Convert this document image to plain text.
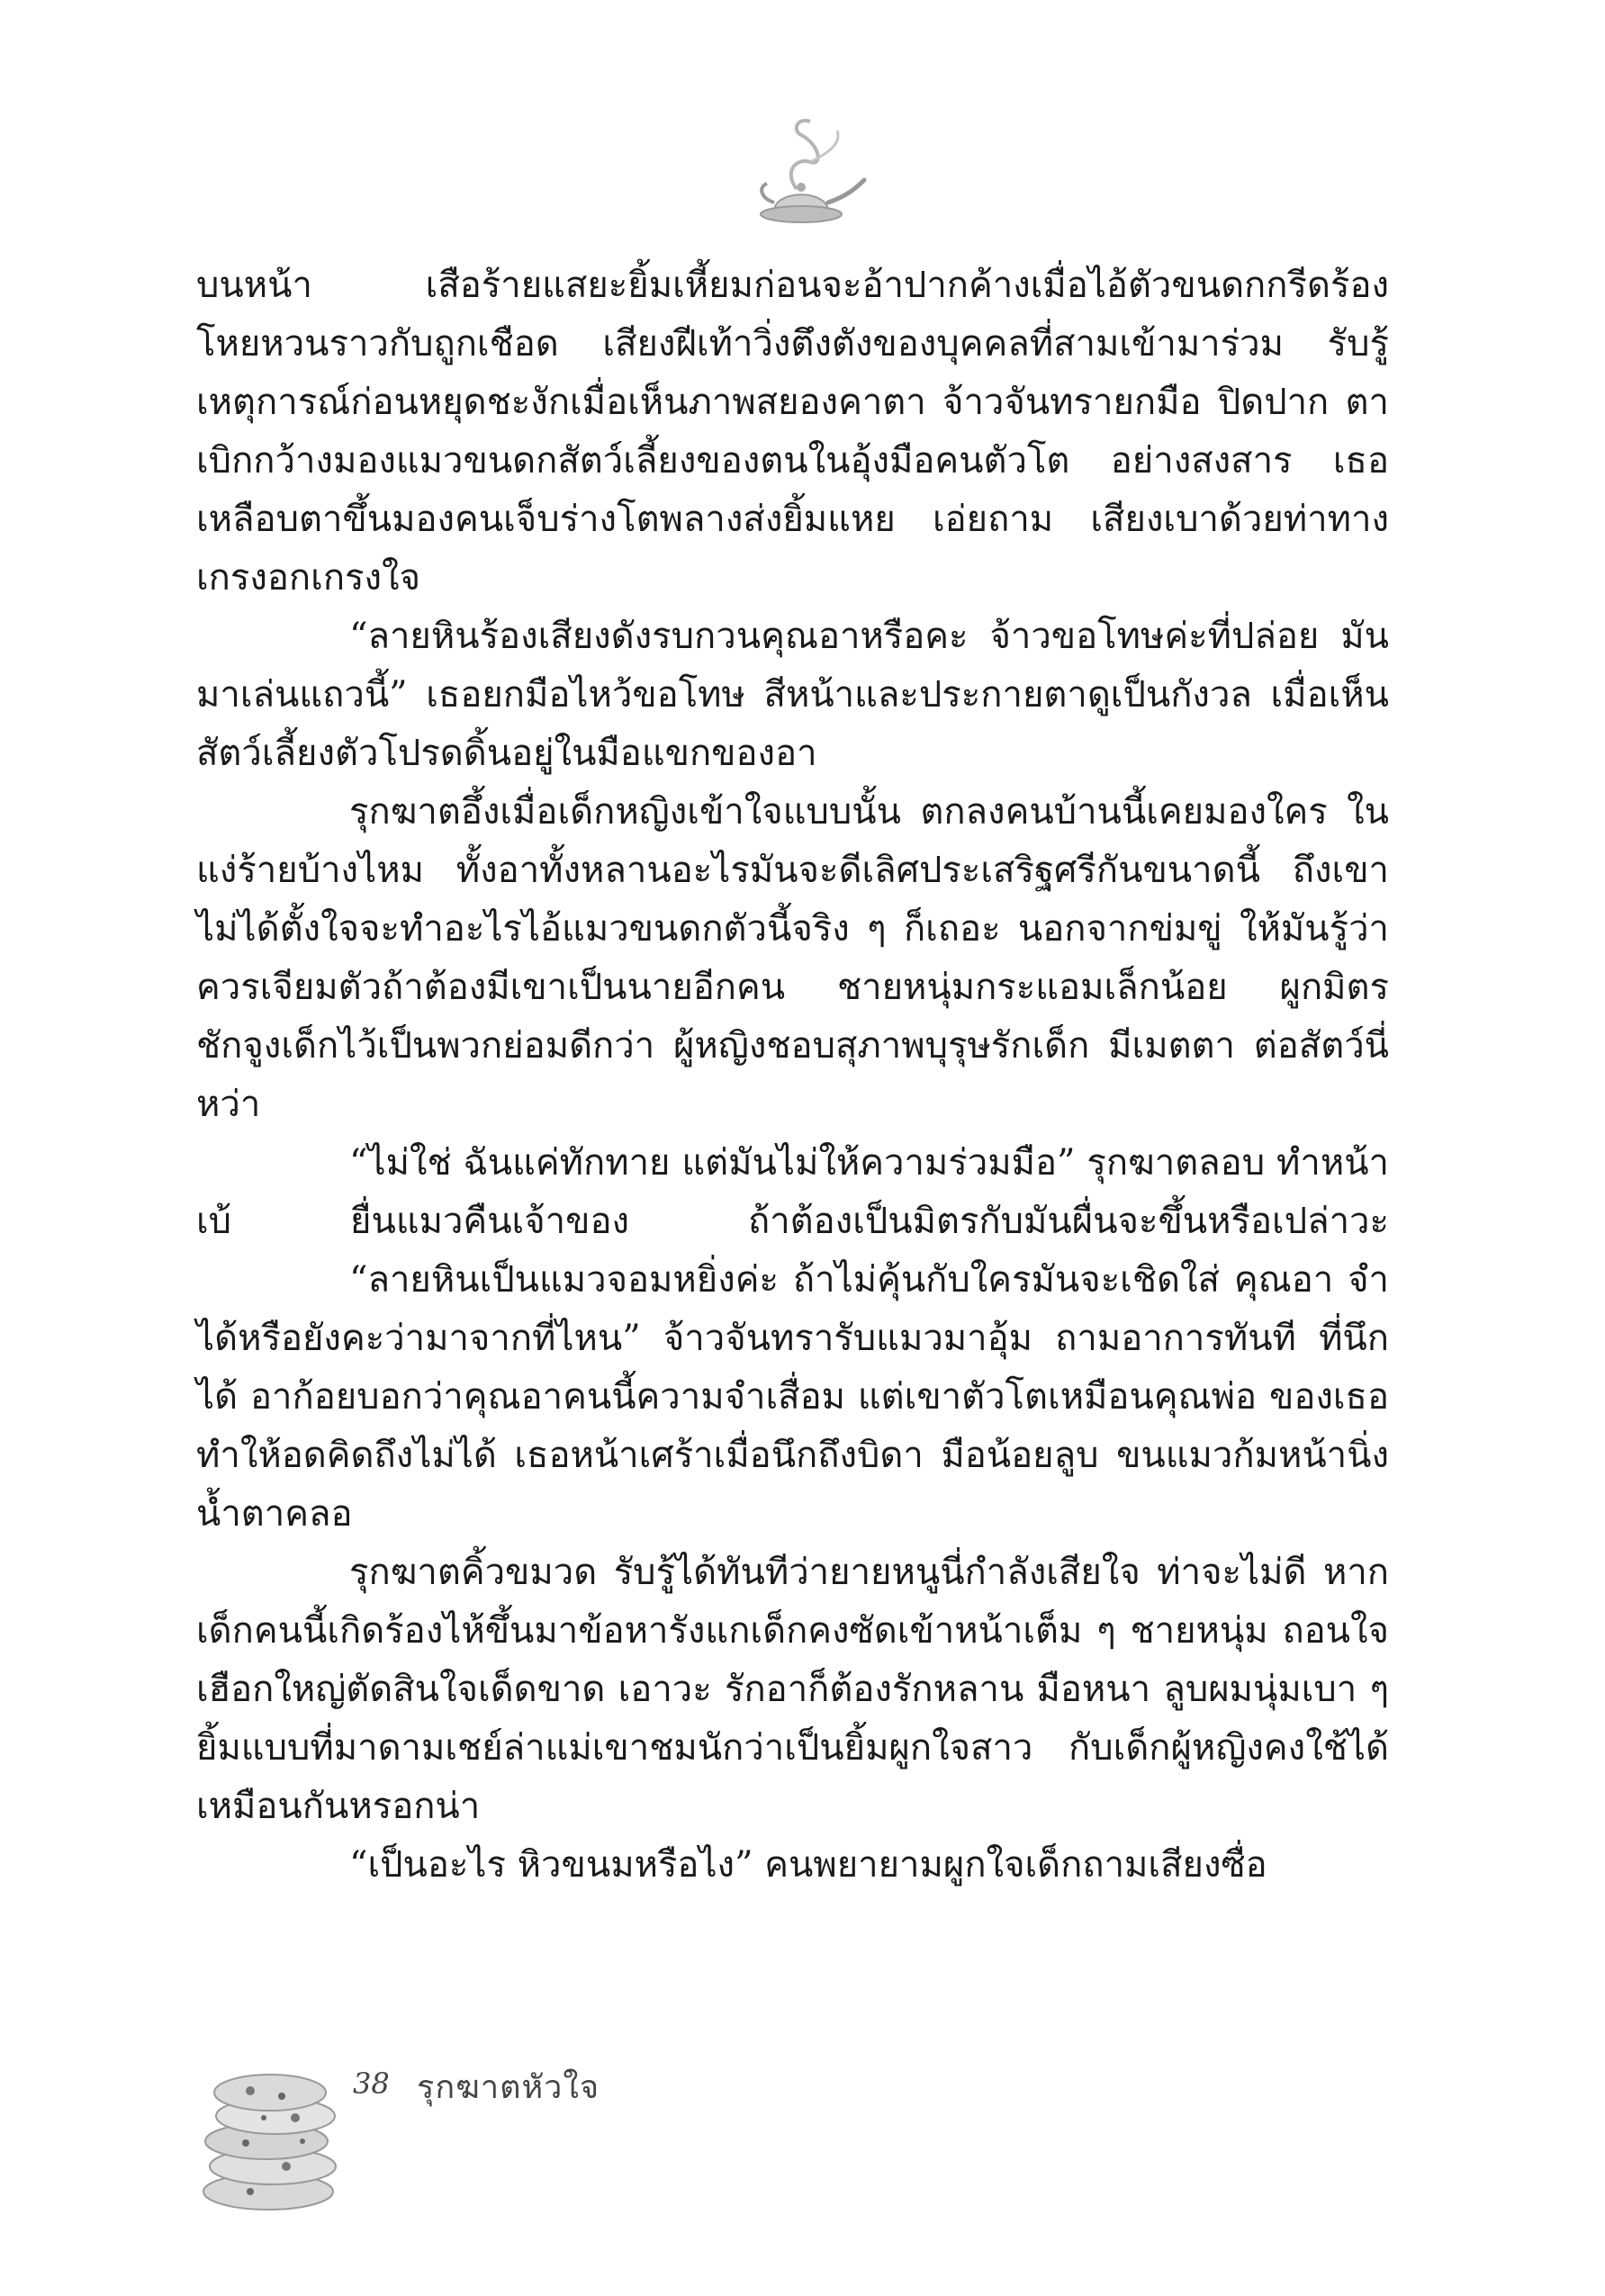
บนหน้า เสือร้ายแสยะยิ้มเหี้ยมก่อนจะอ้าปากค้างเมื่อไอ้ตัวขนดกกรีดร้อง โหยหวนราวกับถูกเชือด เสียงฝีเท้าวิ่งตึงตังของบุคคลที่สามเข้ามาร่วม รับรู้เหตุการณ์ก่อนหยุดชะงักเมื่อเห็นภาพสยองคาตา จ้าวจันทรายกมือ ปิดปาก ตาเบิกกว้างมองแมวขนดกสัตว์เลี้ยงของตนในอุ้งมือคนตัวโต อย่างสงสาร เธอเหลือบตาขึ้นมองคนเจ็บร่างโตพลางส่งยิ้มแหย เอ่ยถาม เสียงเบาด้วยท่าทางเกรงอกเกรงใจ

“ลายหินร้องเสียงดังรบกวนคุณอาหรือคะ จ้าวขอโทษค่ะที่ปล่อย มันมาเล่นแถวนี้” เธอยกมือไหว้ขอโทษ สีหน้าและประกายตาดูเป็นกังวล เมื่อเห็นสัตว์เลี้ยงตัวโปรดดิ้นอยู่ในมือแขกของอา

รุกฆาตอึ้งเมื่อเด็กหญิงเข้าใจแบบนั้น ตกลงคนบ้านนี้เคยมองใคร ในแง่ร้ายบ้างไหม ทั้งอาทั้งหลานอะไรมันจะดีเลิศประเสริฐศรีกันขนาดนี้ ถึงเขาไม่ได้ตั้งใจจะทำอะไรไอ้แมวขนดกตัวนี้จริง ๆ ก็เถอะ นอกจากข่มขู่ ให้มันรู้ว่าควรเจียมตัวถ้าต้องมีเขาเป็นนายอีกคน ชายหนุ่มกระแอมเล็กน้อย ผูกมิตรชักจูงเด็กไว้เป็นพวกย่อมดีกว่า ผู้หญิงชอบสุภาพบุรุษรักเด็ก มีเมตตา ต่อสัตว์นี่หว่า

“ไม่ใช่ ฉันแค่ทักทาย แต่มันไม่ให้ความร่วมมือ” รุกฆาตลอบ ทำหน้าเบ้ ยื่นแมวคืนเจ้าของ ถ้าต้องเป็นมิตรกับมันผื่นจะขึ้นหรือเปล่าวะ

“ลายหินเป็นแมวจอมหยิ่งค่ะ ถ้าไม่คุ้นกับใครมันจะเชิดใส่ คุณอา จำได้หรือยังคะว่ามาจากที่ไหน” จ้าวจันทรารับแมวมาอุ้ม ถามอาการทันที ที่นึกได้ อาก้อยบอกว่าคุณอาคนนี้ความจำเสื่อม แต่เขาตัวโตเหมือนคุณพ่อ ของเธอทำให้อดคิดถึงไม่ได้ เธอหน้าเศร้าเมื่อนึกถึงบิดา มือน้อยลูบ ขนแมวก้มหน้านิ่งน้ำตาคลอ

รุกฆาตคิ้วขมวด รับรู้ได้ทันทีว่ายายหนูนี่กำลังเสียใจ ท่าจะไม่ดี หากเด็กคนนี้เกิดร้องไห้ขึ้นมาข้อหารังแกเด็กคงซัดเข้าหน้าเต็ม ๆ ชายหนุ่ม ถอนใจเฮือกใหญ่ตัดสินใจเด็ดขาด เอาวะ รักอาก็ต้องรักหลาน มือหนา ลูบผมนุ่มเบา ๆ ยิ้มแบบที่มาดามเชย์ล่าแม่เขาชมนักว่าเป็นยิ้มผูกใจสาว กับเด็กผู้หญิงคงใช้ได้เหมือนกันหรอกน่า

“เป็นอะไร หิวขนมหรือไง” คนพยายามผูกใจเด็กถามเสียงซื่อ

38 รุกฆาตหัวใจ
